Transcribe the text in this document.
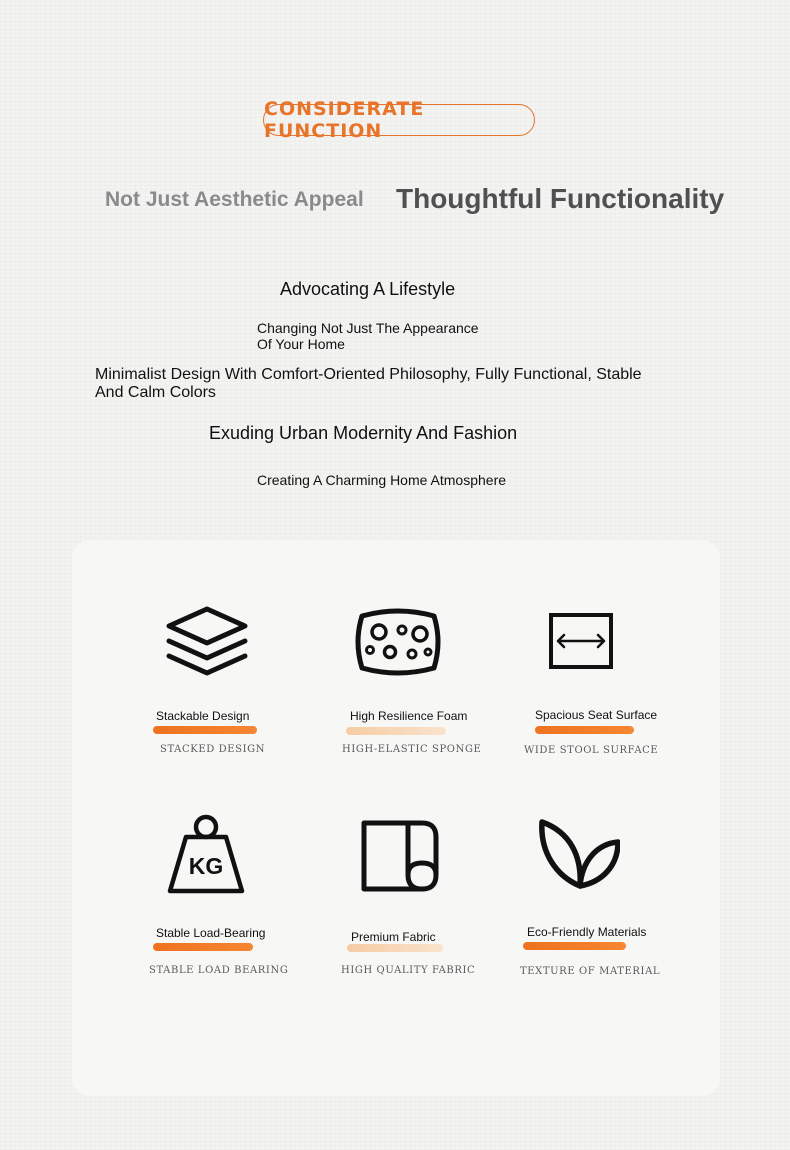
CONSIDERATE FUNCTION
Not Just Aesthetic Appeal Thoughtful Functionality
Advocating A Lifestyle
Changing Not Just The Appearance
Of Your Home
Minimalist Design With Comfort-Oriented Philosophy, Fully Functional, Stable
And Calm Colors
Exuding Urban Modernity And Fashion
Creating A Charming Home Atmosphere
Stackable Design
STACKED DESIGN
High Resilience Foam
HIGH-ELASTIC SPONGE
Spacious Seat Surface
WIDE STOOL SURFACE
KG
Stable Load-Bearing
STABLE LOAD BEARING
Premium Fabric
HIGH QUALITY FABRIC
Eco-Friendly Materials
TEXTURE OF MATERIAL
